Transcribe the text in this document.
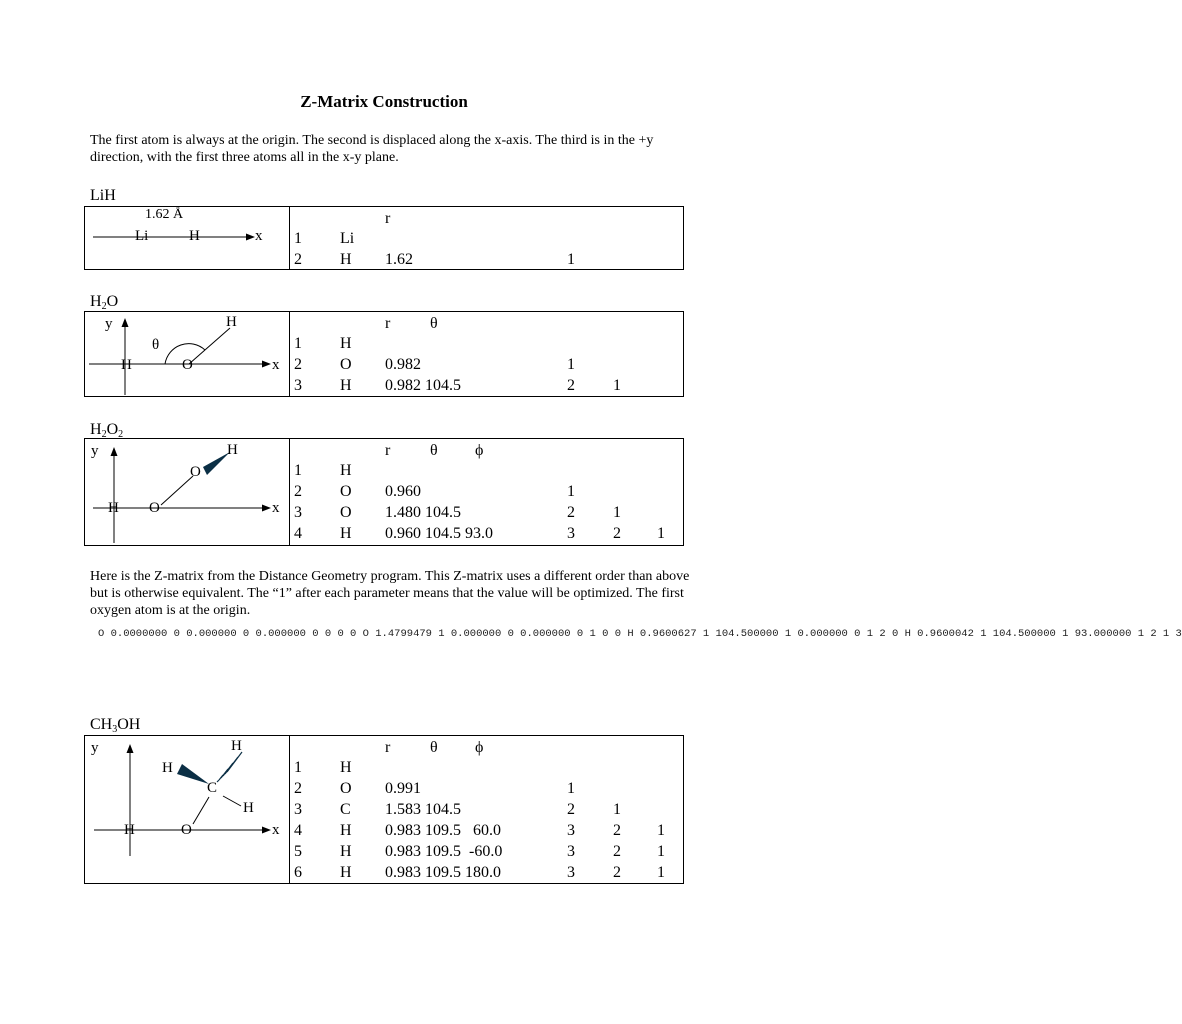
Z-Matrix Construction
The first atom is always at the origin. The second is displaced along the x-axis. The third is in the +y direction, with the first three atoms all in the x-y plane.
LiH
1.62 Å
Li	H	x
r
1 Li
2 H 1.62	1
$H_2O$
y	H
θ
H	O	x
r θ
1 H
2 O 0.982	1
3 H 0.982 104.5	2 1
$H_2O_2$
y	H
O
H O	x
r θ ϕ
1 H
2 O 0.960	1
3 O 1.480 104.5	2 1
4 H 0.960 104.5 93.0	3 2 1
Here is the Z-matrix from the Distance Geometry program. This Z-matrix uses a different order than above but is otherwise equivalent. The “1” after each parameter means that the value will be optimized. The first oxygen atom is at the origin.
O 0.0000000 0 0.000000 0 0.000000 0 0 0 0 O 1.4799479 1 0.000000 0 0.000000 0 1 0 0 H 0.9600627 1 104.500000 1 0.000000 0 1 2 0 H 0.9600042 1 104.500000 1 93.000000 1 2 1 3
$CH_3OH$
y	H
H
C
H
H	O	x
r θ ϕ
1 H
2 O 0.991	1
3 C 1.583 104.5	2 1
4 H 0.983 109.5   60.0	3 2 1
5 H 0.983 109.5  -60.0	3 2 1
6 H 0.983 109.5 180.0	3 2 1
